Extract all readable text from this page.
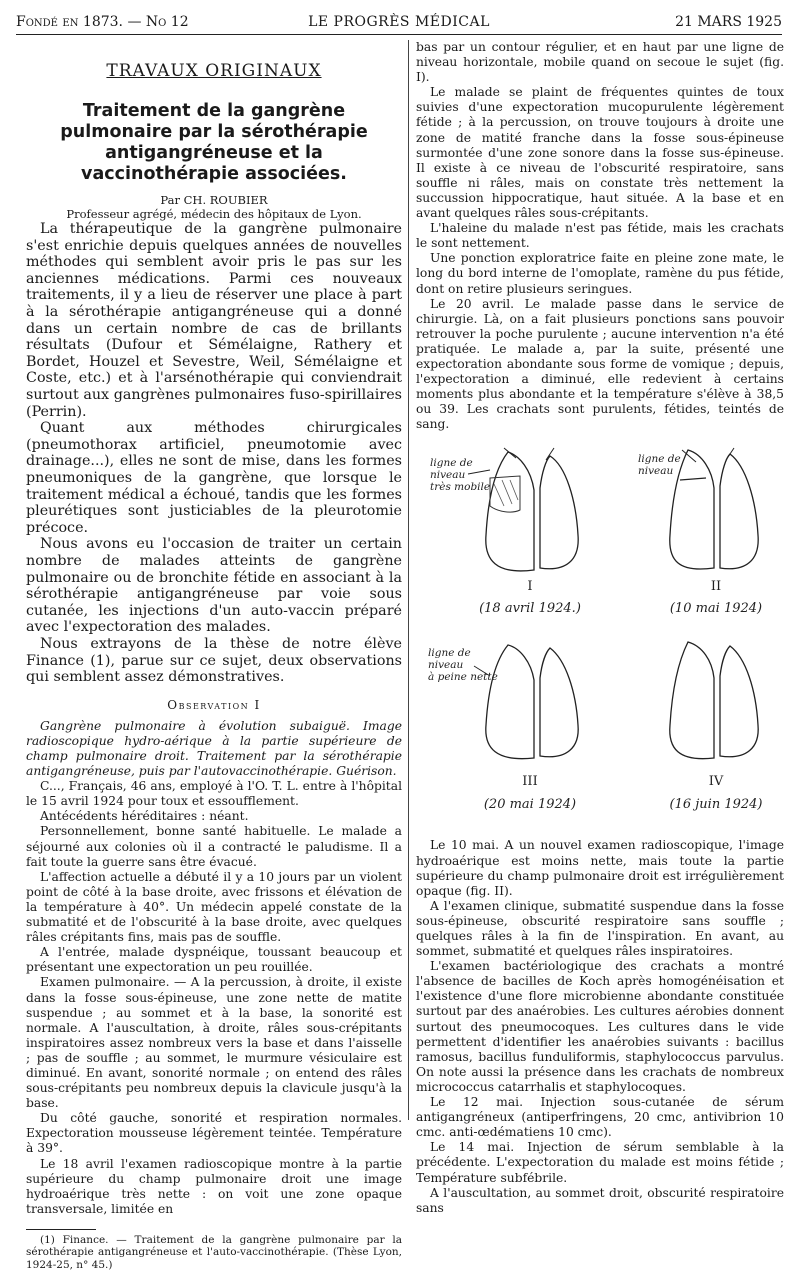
Fondé en 1873. — No 12	LE PROGRÈS MÉDICAL	21 MARS 1925
TRAVAUX ORIGINAUX
Traitement de la gangrène pulmonaire par la sérothérapie antigangréneuse et la vaccinothérapie associées.

Par CH. ROUBIER

Professeur agrégé, médecin des hôpitaux de Lyon.

La thérapeutique de la gangrène pulmonaire s'est enrichie depuis quelques années de nouvelles méthodes qui semblent avoir pris le pas sur les anciennes médications. Parmi ces nouveaux traitements, il y a lieu de réserver une place à part à la sérothérapie antigangréneuse qui a donné dans un certain nombre de cas de brillants résultats (Dufour et Sémélaigne, Rathery et Bordet, Houzel et Sevestre, Weil, Sémélaigne et Coste, etc.) et à l'arsénothérapie qui conviendrait surtout aux gangrènes pulmonaires fuso-spirillaires (Perrin).

Quant aux méthodes chirurgicales (pneumothorax artificiel, pneumotomie avec drainage...), elles ne sont de mise, dans les formes pneumoniques de la gangrène, que lorsque le traitement médical a échoué, tandis que les formes pleurétiques sont justiciables de la pleurotomie précoce.

Nous avons eu l'occasion de traiter un certain nombre de malades atteints de gangrène pulmonaire ou de bronchite fétide en associant à la sérothérapie antigangréneuse par voie sous cutanée, les injections d'un auto-vaccin préparé avec l'expectoration des malades.

Nous extrayons de la thèse de notre élève Finance (1), parue sur ce sujet, deux observations qui semblent assez démonstratives.

Observation I

Gangrène pulmonaire à évolution subaiguë. Image radioscopique hydro-aérique à la partie supérieure de champ pulmonaire droit. Traitement par la sérothérapie antigangréneuse, puis par l'autovaccinothérapie. Guérison.

C..., Français, 46 ans, employé à l'O. T. L. entre à l'hôpital le 15 avril 1924 pour toux et essoufflement.

Antécédents héréditaires : néant.

Personnellement, bonne santé habituelle. Le malade a séjourné aux colonies où il a contracté le paludisme. Il a fait toute la guerre sans être évacué.

L'affection actuelle a débuté il y a 10 jours par un violent point de côté à la base droite, avec frissons et élévation de la température à 40°. Un médecin appelé constate de la submatité et de l'obscurité à la base droite, avec quelques râles crépitants fins, mais pas de souffle.

A l'entrée, malade dyspnéique, toussant beaucoup et présentant une expectoration un peu rouillée.

Examen pulmonaire. — A la percussion, à droite, il existe dans la fosse sous-épineuse, une zone nette de matite suspendue ; au sommet et à la base, la sonorité est normale. A l'auscultation, à droite, râles sous-crépitants inspiratoires assez nombreux vers la base et dans l'aisselle ; pas de souffle ; au sommet, le murmure vésiculaire est diminué. En avant, sonorité normale ; on entend des râles sous-crépitants peu nombreux depuis la clavicule jusqu'à la base.

Du côté gauche, sonorité et respiration normales. Expectoration mousseuse légèrement teintée. Température à 39°.

Le 18 avril l'examen radioscopique montre à la partie supérieure du champ pulmonaire droit une image hydroaérique très nette : on voit une zone opaque transversale, limitée en

(1) Finance. — Traitement de la gangrène pulmonaire par la sérothérapie antigangréneuse et l'auto-vaccinothérapie. (Thèse Lyon, 1924-25, n° 45.)

bas par un contour régulier, et en haut par une ligne de niveau horizontale, mobile quand on secoue le sujet (fig. I).

Le malade se plaint de fréquentes quintes de toux suivies d'une expectoration mucopurulente légèrement fétide ; à la percussion, on trouve toujours à droite une zone de matité franche dans la fosse sous-épineuse surmontée d'une zone sonore dans la fosse sus-épineuse. Il existe à ce niveau de l'obscurité respiratoire, sans souffle ni râles, mais on constate très nettement la succussion hippocratique, haut située. A la base et en avant quelques râles sous-crépitants.

L'haleine du malade n'est pas fétide, mais les crachats le sont nettement.

Une ponction exploratrice faite en pleine zone mate, le long du bord interne de l'omoplate, ramène du pus fétide, dont on retire plusieurs seringues.

Le 20 avril. Le malade passe dans le service de chirurgie. Là, on a fait plusieurs ponctions sans pouvoir retrouver la poche purulente ; aucune intervention n'a été pratiquée. Le malade a, par la suite, présenté une expectoration abondante sous forme de vomique ; depuis, l'expectoration a diminué, elle redevient à certains moments plus abondante et la température s'élève à 38,5 ou 39. Les crachats sont purulents, fétides, teintés de sang.

ligne de niveau très mobile
ligne de niveau
ligne de niveau à peine nette
I	II
III	IV
(18 avril 1924.)	(10 mai 1924)
(20 mai 1924)	(16 juin 1924)

Le 10 mai. A un nouvel examen radioscopique, l'image hydroaérique est moins nette, mais toute la partie supérieure du champ pulmonaire droit est irrégulièrement opaque (fig. II).

A l'examen clinique, submatité suspendue dans la fosse sous-épineuse, obscurité respiratoire sans souffle ; quelques râles à la fin de l'inspiration. En avant, au sommet, submatité et quelques râles inspiratoires.

L'examen bactériologique des crachats a montré l'absence de bacilles de Koch après homogénéisation et l'existence d'une flore microbienne abondante constituée surtout par des anaérobies. Les cultures aérobies donnent surtout des pneumocoques. Les cultures dans le vide permettent d'identifier les anaérobies suivants : bacillus ramosus, bacillus funduliformis, staphylococcus parvulus. On note aussi la présence dans les crachats de nombreux micrococcus catarrhalis et staphylocoques.

Le 12 mai. Injection sous-cutanée de sérum antigangréneux (antiperfringens, 20 cmc, antivibrion 10 cmc. anti-œdématiens 10 cmc).

Le 14 mai. Injection de sérum semblable à la précédente. L'expectoration du malade est moins fétide ; Température subfébrile.

A l'auscultation, au sommet droit, obscurité respiratoire sans
